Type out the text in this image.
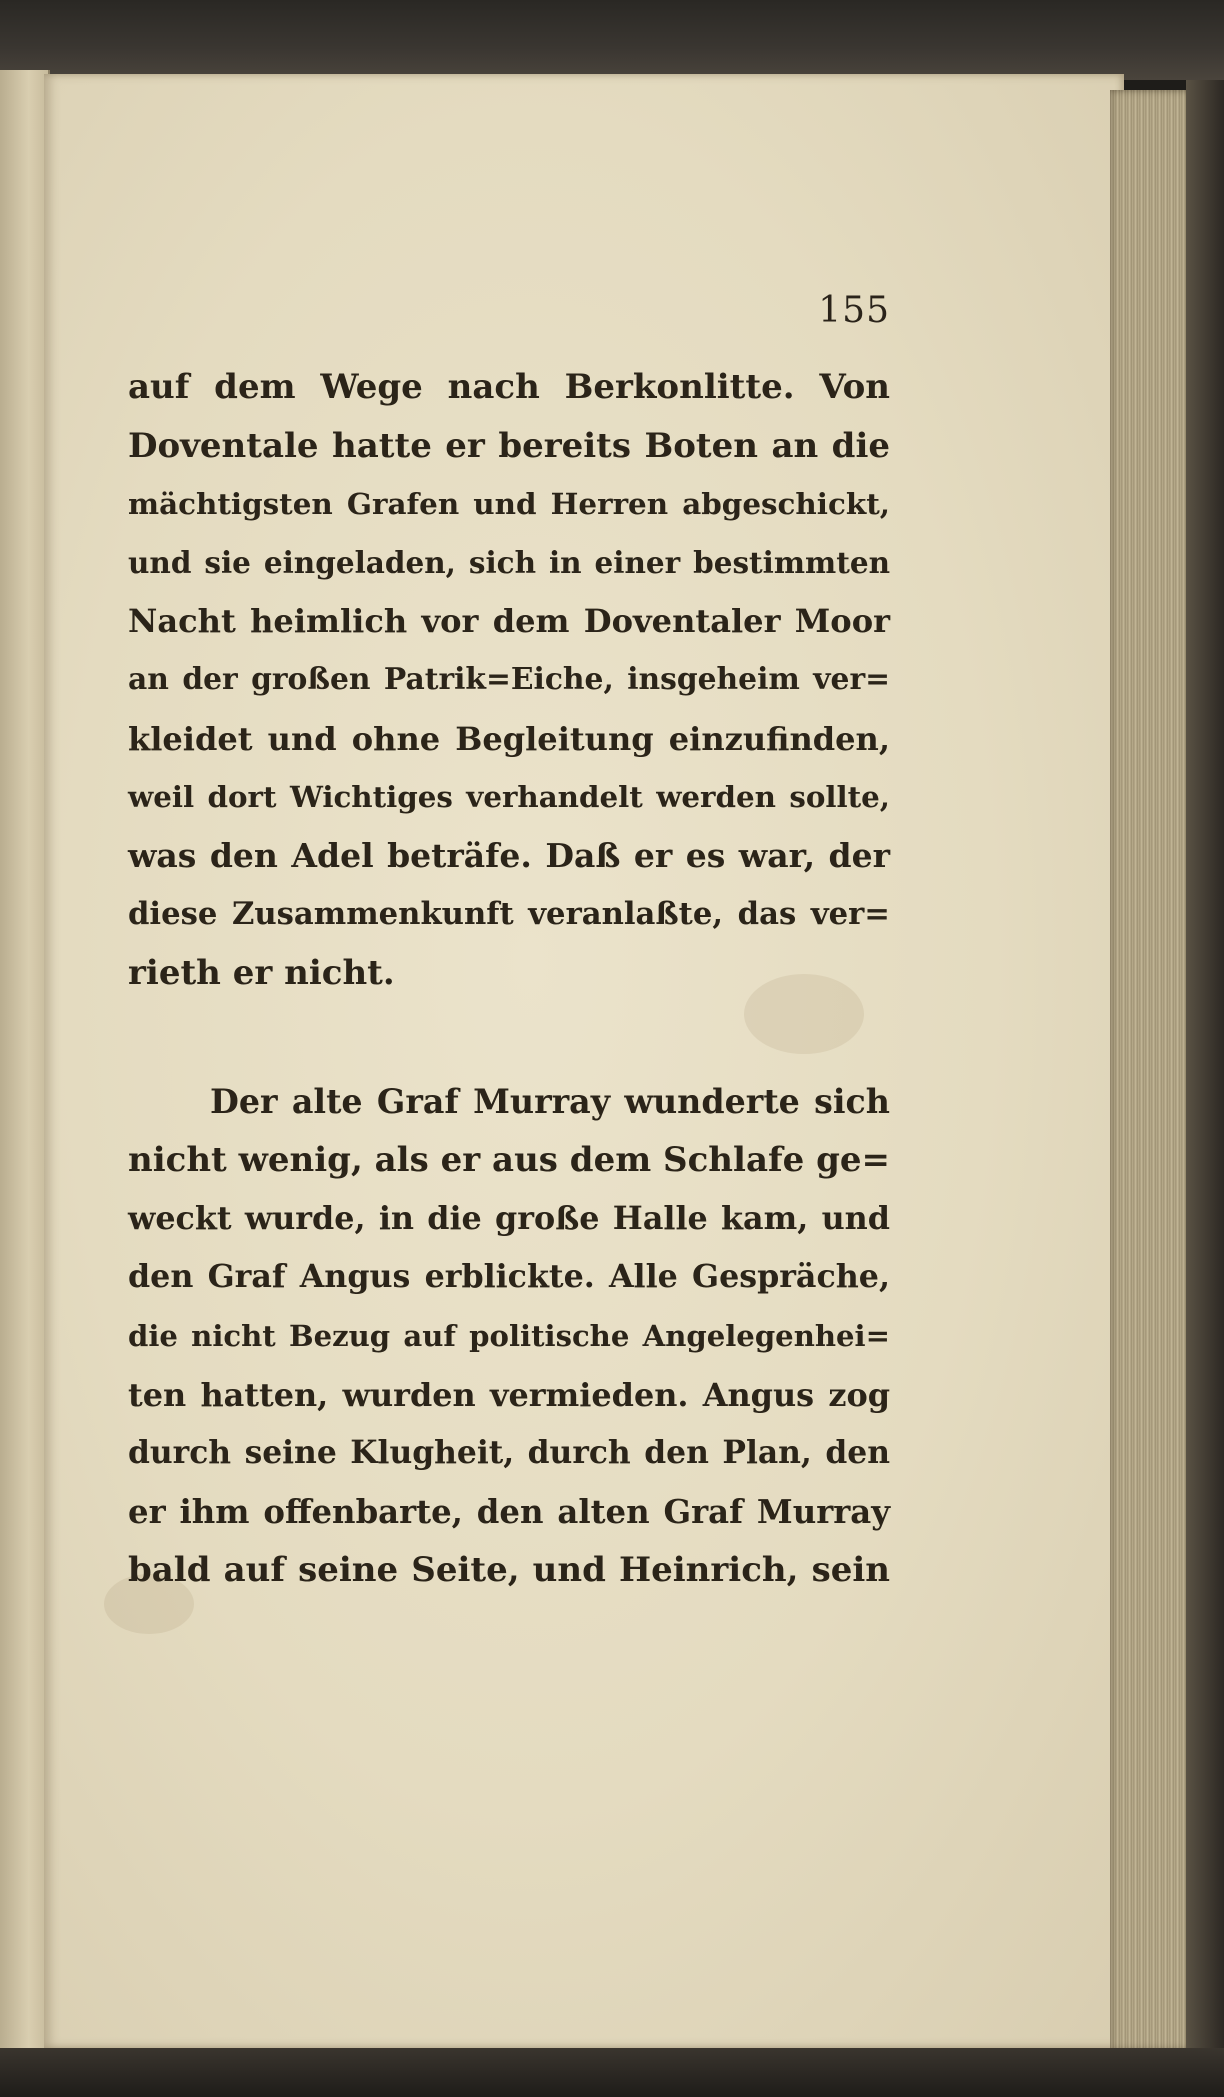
155
auf dem Wege nach Berkonlitte. Von
Doventale hatte er bereits Boten an die
mächtigsten Grafen und Herren abgeschickt,
und sie eingeladen, sich in einer bestimmten
Nacht heimlich vor dem Doventaler Moor
an der großen Patrik=Eiche, insgeheim ver=
kleidet und ohne Begleitung einzufinden,
weil dort Wichtiges verhandelt werden sollte,
was den Adel beträfe. Daß er es war, der
diese Zusammenkunft veranlaßte, das ver=
rieth er nicht.
Der alte Graf Murray wunderte sich
nicht wenig, als er aus dem Schlafe ge=
weckt wurde, in die große Halle kam, und
den Graf Angus erblickte. Alle Gespräche,
die nicht Bezug auf politische Angelegenhei=
ten hatten, wurden vermieden. Angus zog
durch seine Klugheit, durch den Plan, den
er ihm offenbarte, den alten Graf Murray
bald auf seine Seite, und Heinrich, sein
